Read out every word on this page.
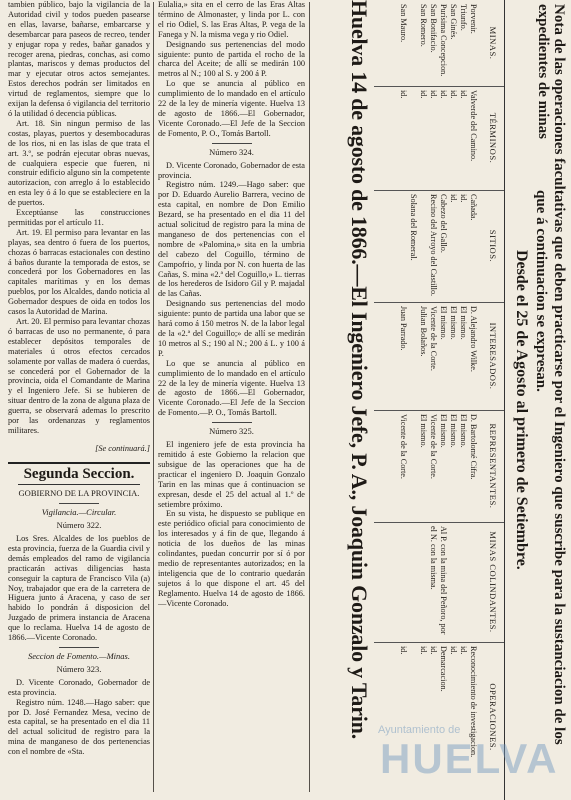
tambien público, bajo la vigilancia de la Autoridad civil y todos pueden pasearse en ellas, lavarse, bañarse, embarcarse y desembarcar para paseos de recreo, tender y enjugar ropa y redes, bañar ganados y recoger arena, piedras, conchas, asi como plantas, mariscos y demas productos del mar y ejecutar otros actos semejantes. Estos derechos podrán ser limitados en virtud de reglamentos, siempre que lo exijan la defensa ó vigilancia del territorio ó la utilidad ó decencia públicas.

Art. 18. Sin ningun permiso de las costas, playas, puertos y desembocaduras de los rios, ni en las islas de que trata el art. 3.º, se podrán ejecutar obras nuevas, de cualquiera especie que fueren, ni construir edificio alguno sin la competente autorizacion, con arreglo á lo establecido en esta ley ó á lo que se estableciere en la de puertos.

Exceptúanse las construcciones permitidas por el artículo 11.

Art. 19. El permiso para levantar en las playas, sea dentro ó fuera de los puertos, chozas ó barracas estacionales con destino á baños durante la temporada de estos, se concederá por los Gobernadores en las capitales marítimas y en los demas pueblos, por los Alcaldes, dando noticia al Gobernador despues de oida en todos los casos la Autoridad de Marina.

Art. 20. El permiso para levantar chozas ó barracas de uso no permanente, ó para establecer depósitos temporales de materiales ú otros efectos cercados solamente por vallas de madera ó cuerdas, se concederá por el Gobernador de la provincia, oida el Comandante de Marina y el Ingeniero Jefe. Si se hubieren de situar dentro de la zona de alguna plaza de guerra, se observará ademas lo prescrito por las ordenanzas y reglamentos militares.

[Se continuará.]

Segunda Seccion.

GOBIERNO DE LA PROVINCIA.

Vigilancia.—Circular.

Número 322.

Los Sres. Alcaldes de los pueblos de esta provincia, fuerza de la Guardia civil y demás empleados del ramo de vigilancia practicarán activas diligencias hasta conseguir la captura de Francisco Vila (a) Noy, trabajador que era de la carretera de Higuera junto á Aracena, y caso de ser habido lo pondrán á disposicion del Juzgado de primera instancia de Aracena que lo reclama. Huelva 14 de agosto de 1866.—Vicente Coronado.

Seccion de Fomento.—Minas.

Número 323.

D. Vicente Coronado, Gobernador de esta provincia.

Registro núm. 1248.—Hago saber: que por D. José Fernandez Mesa, vecino de esta capital, se ha presentado en el dia 11 del actual solicitud de registro para la mina de manganeso de dos pertenencias con el nombre de «Sta.

Eulalia,» sita en el cerro de las Eras Altas término de Almonaster, y linda por L. con el rio Odiel, S. las Eras Altas, P. vega de la Fanega y N. la misma vega y rio Odiel.

Designando sus pertenencias del modo siguiente: punto de partida el rocho de la charca del Aceite; de allí se medirán 100 metros al N.; 100 al S. y 200 á P.

Lo que se anuncia al público en cumplimiento de lo mandado en el artículo 22 de la ley de minería vigente. Huelva 13 de agosto de 1866.—El Gobernador, Vicente Coronado.—El Jefe de la Seccion de Fomento, P. O., Tomás Bartoll.

Número 324.

D. Vicente Coronado, Gobernador de esta provincia.

Registro núm. 1249.—Hago saber: que por D. Eduardo Aurelio Barrera, vecino de esta capital, en nombre de Don Emilio Bezard, se ha presentado en el dia 11 del actual solicitud de registro para la mina de manganeso de dos pertenencias con el nombre de «Palomina,» sita en la umbria del cabezo del Coguillo, término de Campofrio, y linda por N. con huerta de las Cañas, S. mina «2.ª del Coguillo,» L. tierras de los herederos de Isidoro Gil y P. majadal de las Cañas.

Designando sus pertenencias del modo siguiente: punto de partida una labor que se hará como á 150 metros N. de la labor legal de la «2.ª del Coguillo;» de allí se medirán 10 metros al S.; 190 al N.; 200 á L. y 100 á P.

Lo que se anuncia al público en cumplimiento de lo mandado en el artículo 22 de la ley de minería vigente. Huelva 13 de agosto de 1866.—El Gobernador, Vicente Coronado.—El Jefe de la Seccion de Fomento.—P. O., Tomás Bartoll.

Número 325.

El ingeniero jefe de esta provincia ha remitido á este Gobierno la relacion que subsigue de las operaciones que ha de practicar el ingeniero D. Joaquin Gonzalo Tarin en las minas que á continuacion se expresan, desde el 25 del actual al 1.º de setiembre próximo.

En su vista, he dispuesto se publique en este periódico oficial para conocimiento de los interesados y á fin de que, llegando á noticia de los dueños de las minas colindantes, puedan concurrir por sí ó por medio de representantes autorizados; en la inteligencia que de lo contrario quedarán sujetos á lo que dispone el art. 45 del Reglamento. Huelva 14 de agosto de 1866.—Vicente Coronado.	Nota de las operaciones facultativas que deben practicarse por el Ingeniero que suscribe para la sustanciacion de los expedientes de minas
que á continuacion se expresan.
Desde el 25 de Agosto al primero de Setiembre.
MINAS.
Porvenir.
Triunfo.
San Ginés.
Purísima Concepcion.
San Bonifacio.
San Romero.

San Mauro.
TÉRMINOS.
Valverde del Camino.
id.
id.
id.
id.
id.

id.
SITIOS.
Cañada.
id.
id.
Cabezo del Gallo.
Recino del Arroyo del Castillo.

Solana del Romeral.
INTERESADOS.
D. Alejandro Wilke.
El mismo.
El mismo.
El mismo.
Vicente de la Corte.
Julian Bolaños.

Juan Parrado.
REPRESENTANTES.
D. Bartolomé Cifra.
El mismo.
El mismo.
El mismo.
Vicente de la Corte.
El mismo.

Vicente de la Corte.
MINAS COLINDANTES.

Al P. con la mina del Peñoro, por el N. con la misma.

OPERACIONES.
Reconocimiento de investigacion.
id.
id.
Demarcacion.
id.
id.

id.
Huelva 14 de agosto de 1866.—El Ingeniero Jefe, P. A., Joaquin Gonzalo y Tarin. Ayuntamiento de
HUELVA
